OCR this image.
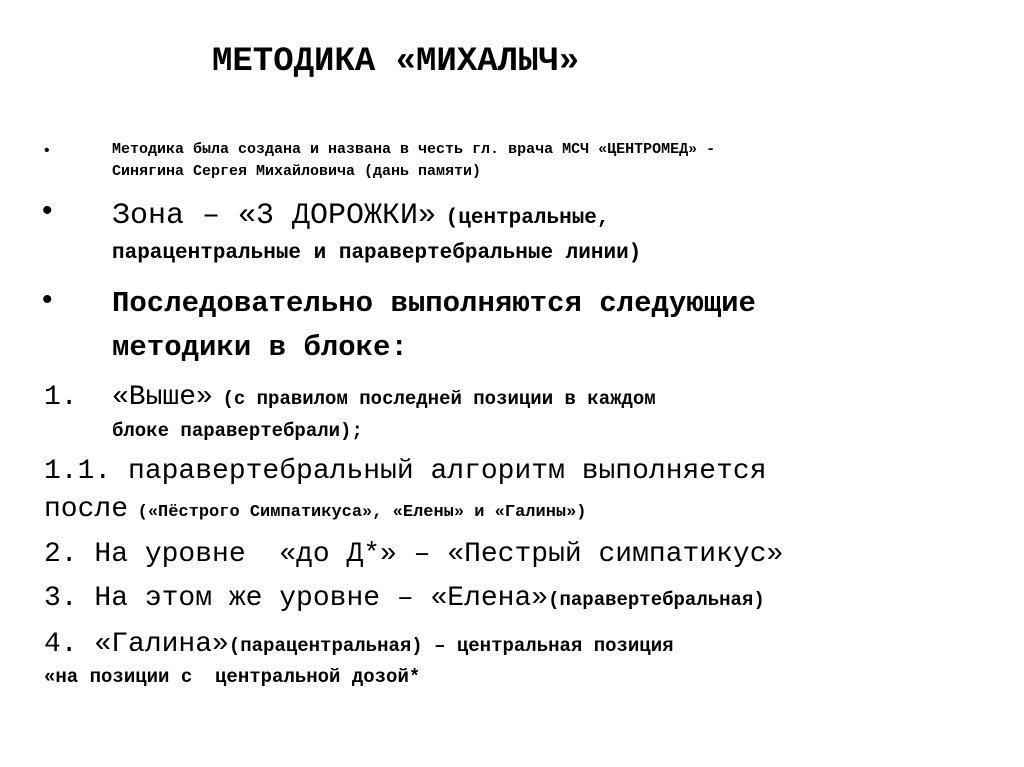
МЕТОДИКА «МИХАЛЫЧ»
•	Методика была создана и названа в честь гл. врача МСЧ «ЦЕНТРОМЕД» -
Синягина Сергея Михайловича (дань памяти)
• Зона – «3 ДОРОЖКИ» (центральные,
парацентральные и паравертебральные линии)
• Последовательно выполняются следующие
методики в блоке:
1. «Выше» (с правилом последней позиции в каждом
блоке паравертебрали);
1.1. паравертебральный алгоритм выполняется
после («Пёстрого Симпатикуса», «Елены» и «Галины»)
2. На уровне  «до Д*» – «Пестрый симпатикус»
3. На этом же уровне – «Елена»(паравертебральная)
4. «Галина»(парацентральная) – центральная позиция
«на позиции с  центральной дозой*
